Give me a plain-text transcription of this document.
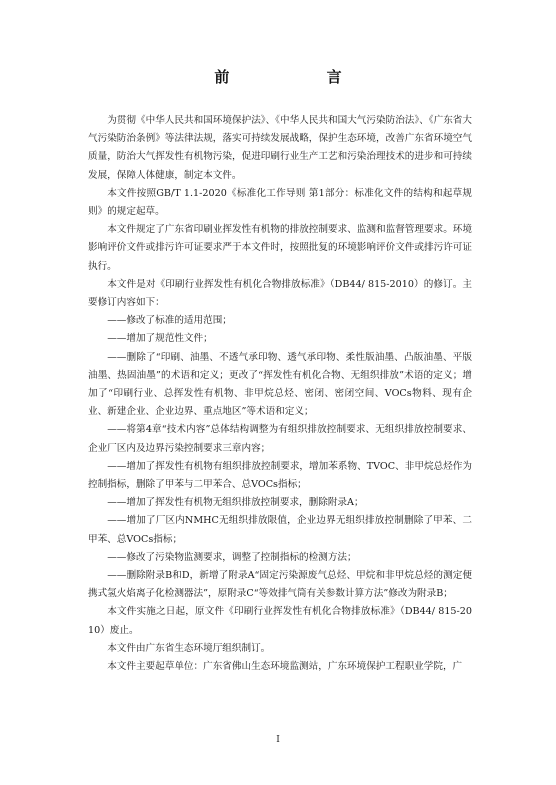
前 言

为贯彻《中华人民共和国环境保护法》、《中华人民共和国大气污染防治法》、《广东省大气污染防治条例》等法律法规，落实可持续发展战略，保护生态环境，改善广东省环境空气质量，防治大气挥发性有机物污染，促进印刷行业生产工艺和污染治理技术的进步和可持续发展，保障人体健康，制定本文件。

本文件按照GB/T 1.1-2020《标准化工作导则 第1部分：标准化文件的结构和起草规则》的规定起草。

本文件规定了广东省印刷业挥发性有机物的排放控制要求、监测和监督管理要求。环境影响评价文件或排污许可证要求严于本文件时，按照批复的环境影响评价文件或排污许可证执行。

本文件是对《印刷行业挥发性有机化合物排放标准》（DB44/ 815-2010）的修订。主要修订内容如下：

——修改了标准的适用范围；

——增加了规范性文件；

——删除了“印刷、油墨、不透气承印物、透气承印物、柔性版油墨、凸版油墨、平版油墨、热固油墨”的术语和定义；更改了“挥发性有机化合物、无组织排放”术语的定义；增加了“印刷行业、总挥发性有机物、非甲烷总烃、密闭、密闭空间、VOCs物料、现有企业、新建企业、企业边界、重点地区”等术语和定义；

——将第4章“技术内容”总体结构调整为有组织排放控制要求、无组织排放控制要求、企业厂区内及边界污染控制要求三章内容；

——增加了挥发性有机物有组织排放控制要求，增加苯系物、TVOC、非甲烷总烃作为控制指标，删除了甲苯与二甲苯合、总VOCs指标；

——增加了挥发性有机物无组织排放控制要求，删除附录A；

——增加了厂区内NMHC无组织排放限值，企业边界无组织排放控制删除了甲苯、二甲苯、总VOCs指标；

——修改了污染物监测要求，调整了控制指标的检测方法；

——删除附录B和D，新增了附录A“固定污染源废气总烃、甲烷和非甲烷总烃的测定便携式氢火焰离子化检测器法”，原附录C“等效排气筒有关参数计算方法”修改为附录B；

本文件实施之日起，原文件《印刷行业挥发性有机化合物排放标准》（DB44/ 815-2010）废止。

本文件由广东省生态环境厅组织制订。

本文件主要起草单位：广东省佛山生态环境监测站，广东环境保护工程职业学院，广

I
